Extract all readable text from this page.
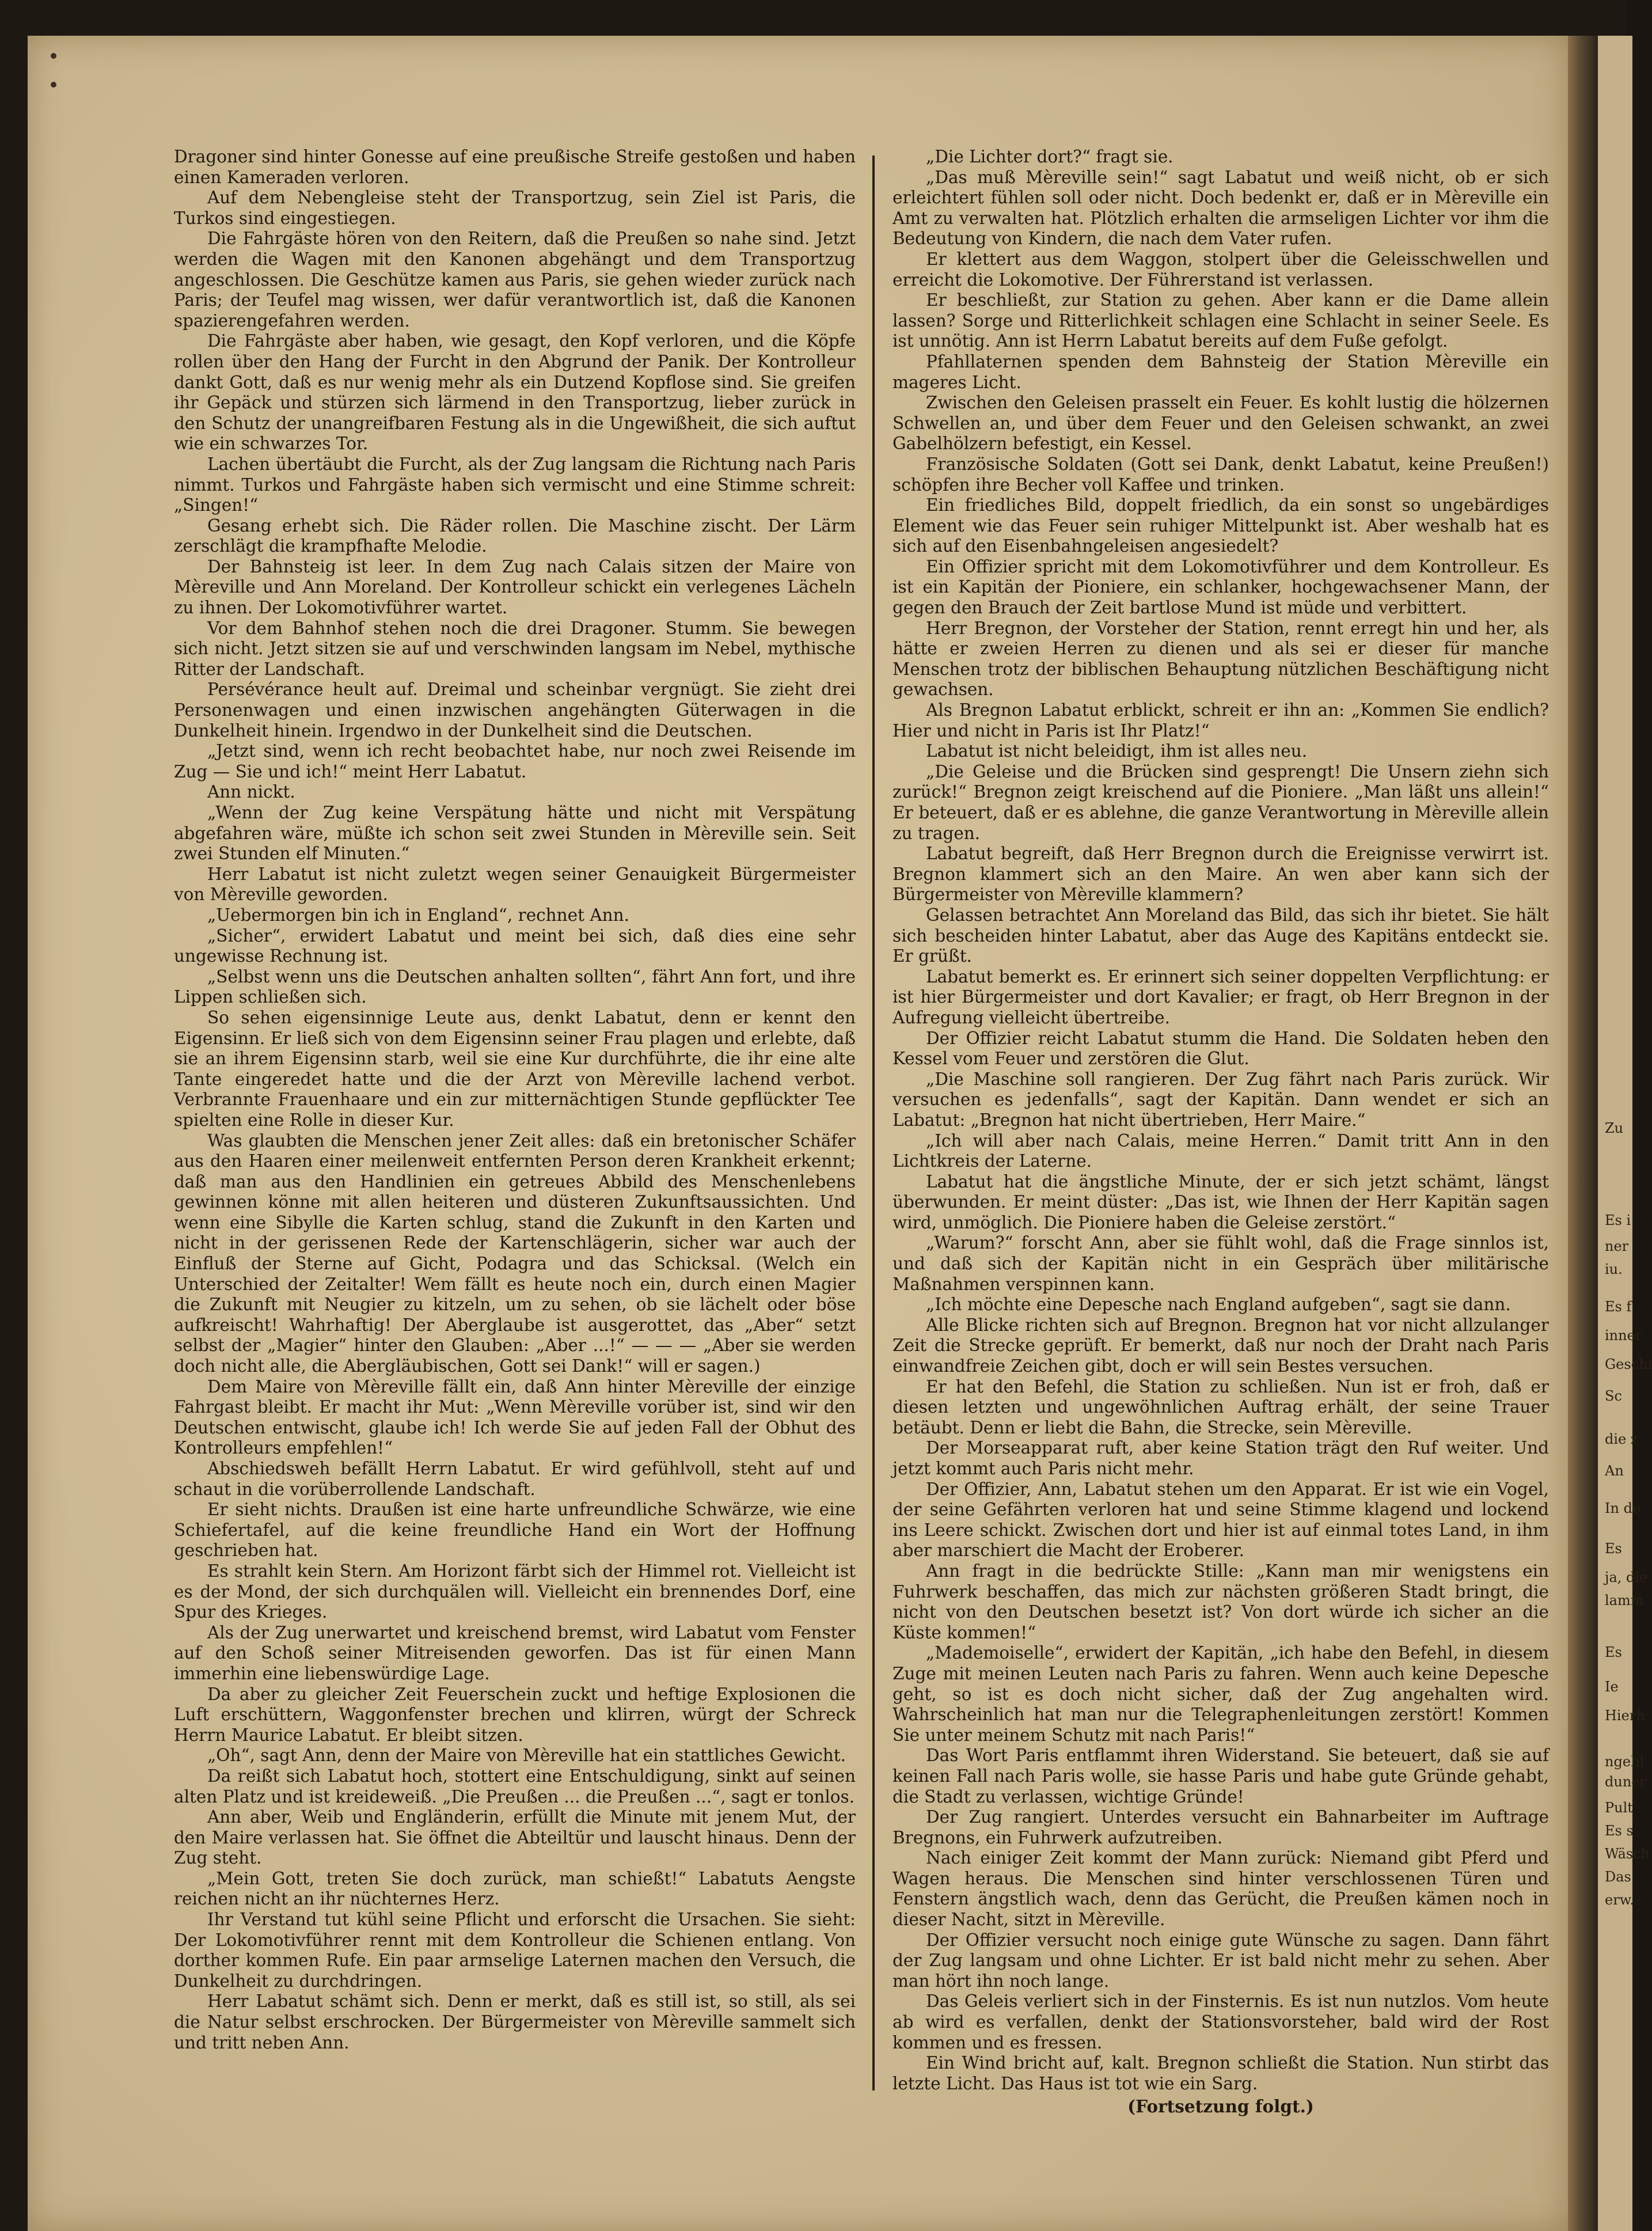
Dragoner sind hinter Gonesse auf eine preußische Streife gestoßen und haben einen Kameraden verloren.

Auf dem Nebengleise steht der Transportzug, sein Ziel ist Paris, die Turkos sind eingestiegen.

Die Fahrgäste hören von den Reitern, daß die Preußen so nahe sind. Jetzt werden die Wagen mit den Kanonen abgehängt und dem Transportzug angeschlossen. Die Geschütze kamen aus Paris, sie gehen wieder zurück nach Paris; der Teufel mag wissen, wer dafür verantwortlich ist, daß die Kanonen spazierengefahren werden.

Die Fahrgäste aber haben, wie gesagt, den Kopf verloren, und die Köpfe rollen über den Hang der Furcht in den Abgrund der Panik. Der Kontrolleur dankt Gott, daß es nur wenig mehr als ein Dutzend Kopflose sind. Sie greifen ihr Gepäck und stürzen sich lärmend in den Transportzug, lieber zurück in den Schutz der unangreifbaren Festung als in die Ungewißheit, die sich auftut wie ein schwarzes Tor.

Lachen übertäubt die Furcht, als der Zug langsam die Richtung nach Paris nimmt. Turkos und Fahrgäste haben sich vermischt und eine Stimme schreit: „Singen!“

Gesang erhebt sich. Die Räder rollen. Die Maschine zischt. Der Lärm zerschlägt die krampfhafte Melodie.

Der Bahnsteig ist leer. In dem Zug nach Calais sitzen der Maire von Mèreville und Ann Moreland. Der Kontrolleur schickt ein verlegenes Lächeln zu ihnen. Der Lokomotivführer wartet.

Vor dem Bahnhof stehen noch die drei Dragoner. Stumm. Sie bewegen sich nicht. Jetzt sitzen sie auf und verschwinden langsam im Nebel, mythische Ritter der Landschaft.

Persévérance heult auf. Dreimal und scheinbar vergnügt. Sie zieht drei Personenwagen und einen inzwischen angehängten Güterwagen in die Dunkelheit hinein. Irgendwo in der Dunkelheit sind die Deutschen.

„Jetzt sind, wenn ich recht beobachtet habe, nur noch zwei Reisende im Zug — Sie und ich!“ meint Herr Labatut.

Ann nickt.

„Wenn der Zug keine Verspätung hätte und nicht mit Verspätung abgefahren wäre, müßte ich schon seit zwei Stunden in Mèreville sein. Seit zwei Stunden elf Minuten.“

Herr Labatut ist nicht zuletzt wegen seiner Genauigkeit Bürgermeister von Mèreville geworden.

„Uebermorgen bin ich in England“, rechnet Ann.

„Sicher“, erwidert Labatut und meint bei sich, daß dies eine sehr ungewisse Rechnung ist.

„Selbst wenn uns die Deutschen anhalten sollten“, fährt Ann fort, und ihre Lippen schließen sich.

So sehen eigensinnige Leute aus, denkt Labatut, denn er kennt den Eigensinn. Er ließ sich von dem Eigensinn seiner Frau plagen und erlebte, daß sie an ihrem Eigensinn starb, weil sie eine Kur durchführte, die ihr eine alte Tante eingeredet hatte und die der Arzt von Mèreville lachend verbot. Verbrannte Frauenhaare und ein zur mitternächtigen Stunde gepflückter Tee spielten eine Rolle in dieser Kur.

Was glaubten die Menschen jener Zeit alles: daß ein bretonischer Schäfer aus den Haaren einer meilenweit entfernten Person deren Krankheit erkennt; daß man aus den Handlinien ein getreues Abbild des Menschenlebens gewinnen könne mit allen heiteren und düsteren Zukunftsaussichten. Und wenn eine Sibylle die Karten schlug, stand die Zukunft in den Karten und nicht in der gerissenen Rede der Kartenschlägerin, sicher war auch der Einfluß der Sterne auf Gicht, Podagra und das Schicksal. (Welch ein Unterschied der Zeitalter! Wem fällt es heute noch ein, durch einen Magier die Zukunft mit Neugier zu kitzeln, um zu sehen, ob sie lächelt oder böse aufkreischt! Wahrhaftig! Der Aberglaube ist ausgerottet, das „Aber“ setzt selbst der „Magier“ hinter den Glauben: „Aber ...!“ — — — „Aber sie werden doch nicht alle, die Abergläubischen, Gott sei Dank!“ will er sagen.)

Dem Maire von Mèreville fällt ein, daß Ann hinter Mèreville der einzige Fahrgast bleibt. Er macht ihr Mut: „Wenn Mèreville vorüber ist, sind wir den Deutschen entwischt, glaube ich! Ich werde Sie auf jeden Fall der Obhut des Kontrolleurs empfehlen!“

Abschiedsweh befällt Herrn Labatut. Er wird gefühlvoll, steht auf und schaut in die vorüberrollende Landschaft.

Er sieht nichts. Draußen ist eine harte unfreundliche Schwärze, wie eine Schiefertafel, auf die keine freundliche Hand ein Wort der Hoffnung geschrieben hat.

Es strahlt kein Stern. Am Horizont färbt sich der Himmel rot. Vielleicht ist es der Mond, der sich durchquälen will. Vielleicht ein brennendes Dorf, eine Spur des Krieges.

Als der Zug unerwartet und kreischend bremst, wird Labatut vom Fenster auf den Schoß seiner Mitreisenden geworfen. Das ist für einen Mann immerhin eine liebenswürdige Lage.

Da aber zu gleicher Zeit Feuerschein zuckt und heftige Explosionen die Luft erschüttern, Waggonfenster brechen und klirren, würgt der Schreck Herrn Maurice Labatut. Er bleibt sitzen.

„Oh“, sagt Ann, denn der Maire von Mèreville hat ein stattliches Gewicht.

Da reißt sich Labatut hoch, stottert eine Entschuldigung, sinkt auf seinen alten Platz und ist kreideweiß. „Die Preußen ... die Preußen ...“, sagt er tonlos.

Ann aber, Weib und Engländerin, erfüllt die Minute mit jenem Mut, der den Maire verlassen hat. Sie öffnet die Abteiltür und lauscht hinaus. Denn der Zug steht.

„Mein Gott, treten Sie doch zurück, man schießt!“ Labatuts Aengste reichen nicht an ihr nüchternes Herz.

Ihr Verstand tut kühl seine Pflicht und erforscht die Ursachen. Sie sieht: Der Lokomotivführer rennt mit dem Kontrolleur die Schienen entlang. Von dorther kommen Rufe. Ein paar armselige Laternen machen den Versuch, die Dunkelheit zu durchdringen.

Herr Labatut schämt sich. Denn er merkt, daß es still ist, so still, als sei die Natur selbst erschrocken. Der Bürgermeister von Mèreville sammelt sich und tritt neben Ann.

„Die Lichter dort?“ fragt sie.

„Das muß Mèreville sein!“ sagt Labatut und weiß nicht, ob er sich erleichtert fühlen soll oder nicht. Doch bedenkt er, daß er in Mèreville ein Amt zu verwalten hat. Plötzlich erhalten die armseligen Lichter vor ihm die Bedeutung von Kindern, die nach dem Vater rufen.

Er klettert aus dem Waggon, stolpert über die Geleisschwellen und erreicht die Lokomotive. Der Führerstand ist verlassen.

Er beschließt, zur Station zu gehen. Aber kann er die Dame allein lassen? Sorge und Ritterlichkeit schlagen eine Schlacht in seiner Seele. Es ist unnötig. Ann ist Herrn Labatut bereits auf dem Fuße gefolgt.

Pfahllaternen spenden dem Bahnsteig der Station Mèreville ein mageres Licht.

Zwischen den Geleisen prasselt ein Feuer. Es kohlt lustig die hölzernen Schwellen an, und über dem Feuer und den Geleisen schwankt, an zwei Gabelhölzern befestigt, ein Kessel.

Französische Soldaten (Gott sei Dank, denkt Labatut, keine Preußen!) schöpfen ihre Becher voll Kaffee und trinken.

Ein friedliches Bild, doppelt friedlich, da ein sonst so ungebärdiges Element wie das Feuer sein ruhiger Mittelpunkt ist. Aber weshalb hat es sich auf den Eisenbahngeleisen angesiedelt?

Ein Offizier spricht mit dem Lokomotivführer und dem Kontrolleur. Es ist ein Kapitän der Pioniere, ein schlanker, hochgewachsener Mann, der gegen den Brauch der Zeit bartlose Mund ist müde und verbittert.

Herr Bregnon, der Vorsteher der Station, rennt erregt hin und her, als hätte er zweien Herren zu dienen und als sei er dieser für manche Menschen trotz der biblischen Behauptung nützlichen Beschäftigung nicht gewachsen.

Als Bregnon Labatut erblickt, schreit er ihn an: „Kommen Sie endlich? Hier und nicht in Paris ist Ihr Platz!“

Labatut ist nicht beleidigt, ihm ist alles neu.

„Die Geleise und die Brücken sind gesprengt! Die Unsern ziehn sich zurück!“ Bregnon zeigt kreischend auf die Pioniere. „Man läßt uns allein!“ Er beteuert, daß er es ablehne, die ganze Verantwortung in Mèreville allein zu tragen.

Labatut begreift, daß Herr Bregnon durch die Ereignisse verwirrt ist. Bregnon klammert sich an den Maire. An wen aber kann sich der Bürgermeister von Mèreville klammern?

Gelassen betrachtet Ann Moreland das Bild, das sich ihr bietet. Sie hält sich bescheiden hinter Labatut, aber das Auge des Kapitäns entdeckt sie. Er grüßt.

Labatut bemerkt es. Er erinnert sich seiner doppelten Verpflichtung: er ist hier Bürgermeister und dort Kavalier; er fragt, ob Herr Bregnon in der Aufregung vielleicht übertreibe.

Der Offizier reicht Labatut stumm die Hand. Die Soldaten heben den Kessel vom Feuer und zerstören die Glut.

„Die Maschine soll rangieren. Der Zug fährt nach Paris zurück. Wir versuchen es jedenfalls“, sagt der Kapitän. Dann wendet er sich an Labatut: „Bregnon hat nicht übertrieben, Herr Maire.“

„Ich will aber nach Calais, meine Herren.“ Damit tritt Ann in den Lichtkreis der Laterne.

Labatut hat die ängstliche Minute, der er sich jetzt schämt, längst überwunden. Er meint düster: „Das ist, wie Ihnen der Herr Kapitän sagen wird, unmöglich. Die Pioniere haben die Geleise zerstört.“

„Warum?“ forscht Ann, aber sie fühlt wohl, daß die Frage sinnlos ist, und daß sich der Kapitän nicht in ein Gespräch über militärische Maßnahmen verspinnen kann.

„Ich möchte eine Depesche nach England aufgeben“, sagt sie dann.

Alle Blicke richten sich auf Bregnon. Bregnon hat vor nicht allzulanger Zeit die Strecke geprüft. Er bemerkt, daß nur noch der Draht nach Paris einwandfreie Zeichen gibt, doch er will sein Bestes versuchen.

Er hat den Befehl, die Station zu schließen. Nun ist er froh, daß er diesen letzten und ungewöhnlichen Auftrag erhält, der seine Trauer betäubt. Denn er liebt die Bahn, die Strecke, sein Mèreville.

Der Morseapparat ruft, aber keine Station trägt den Ruf weiter. Und jetzt kommt auch Paris nicht mehr.

Der Offizier, Ann, Labatut stehen um den Apparat. Er ist wie ein Vogel, der seine Gefährten verloren hat und seine Stimme klagend und lockend ins Leere schickt. Zwischen dort und hier ist auf einmal totes Land, in ihm aber marschiert die Macht der Eroberer.

Ann fragt in die bedrückte Stille: „Kann man mir wenigstens ein Fuhrwerk beschaffen, das mich zur nächsten größeren Stadt bringt, die nicht von den Deutschen besetzt ist? Von dort würde ich sicher an die Küste kommen!“

„Mademoiselle“, erwidert der Kapitän, „ich habe den Befehl, in diesem Zuge mit meinen Leuten nach Paris zu fahren. Wenn auch keine Depesche geht, so ist es doch nicht sicher, daß der Zug angehalten wird. Wahrscheinlich hat man nur die Telegraphenleitungen zerstört! Kommen Sie unter meinem Schutz mit nach Paris!“

Das Wort Paris entflammt ihren Widerstand. Sie beteuert, daß sie auf keinen Fall nach Paris wolle, sie hasse Paris und habe gute Gründe gehabt, die Stadt zu verlassen, wichtige Gründe!

Der Zug rangiert. Unterdes versucht ein Bahnarbeiter im Auftrage Bregnons, ein Fuhrwerk aufzutreiben.

Nach einiger Zeit kommt der Mann zurück: Niemand gibt Pferd und Wagen heraus. Die Menschen sind hinter verschlossenen Türen und Fenstern ängstlich wach, denn das Gerücht, die Preußen kämen noch in dieser Nacht, sitzt in Mèreville.

Der Offizier versucht noch einige gute Wünsche zu sagen. Dann fährt der Zug langsam und ohne Lichter. Er ist bald nicht mehr zu sehen. Aber man hört ihn noch lange.

Das Geleis verliert sich in der Finsternis. Es ist nun nutzlos. Vom heute ab wird es verfallen, denkt der Stationsvorsteher, bald wird der Rost kommen und es fressen.

Ein Wind bricht auf, kalt. Bregnon schließt die Station. Nun stirbt das letzte Licht. Das Haus ist tot wie ein Sarg.

(Fortsetzung folgt.)

Zu
Es i
ner
iu.
Es f
inner
Geschi
Sc
die z
An
In de
Es
ja, die
lamm
Es
Ie
Hierh
ngehl
duner
Pult
Es s
Wäsch
Das
erw.
